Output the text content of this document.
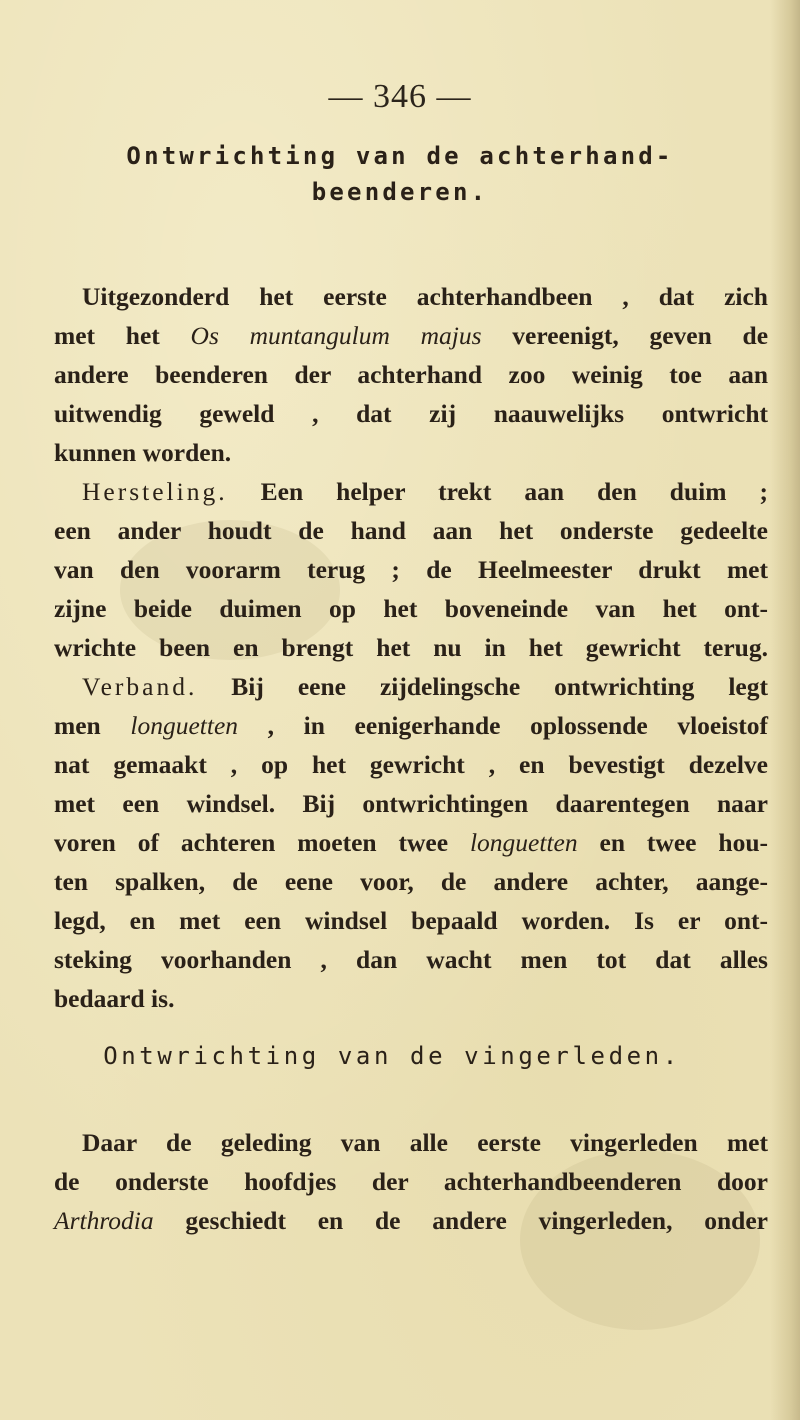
— 346 —
Ontwrichting van de achterhand-
beenderen.
Uitgezonderd het eerste achterhandbeen , dat zich
met het Os muntangulum majus vereenigt, geven de
andere beenderen der achterhand zoo weinig toe aan
uitwendig geweld , dat zij naauwelijks ontwricht
kunnen worden.
Hersteling. Een helper trekt aan den duim ;
een ander houdt de hand aan het onderste gedeelte
van den voorarm terug ; de Heelmeester drukt met
zijne beide duimen op het boveneinde van het ont-
wrichte been en brengt het nu in het gewricht terug.
Verband. Bij eene zijdelingsche ontwrichting legt
men longuetten , in eenigerhande oplossende vloeistof
nat gemaakt , op het gewricht , en bevestigt dezelve
met een windsel. Bij ontwrichtingen daarentegen naar
voren of achteren moeten twee longuetten en twee hou-
ten spalken, de eene voor, de andere achter, aange-
legd, en met een windsel bepaald worden. Is er ont-
steking voorhanden , dan wacht men tot dat alles
bedaard is.
Ontwrichting van de vingerleden.
Daar de geleding van alle eerste vingerleden met
de onderste hoofdjes der achterhandbeenderen door
Arthrodia geschiedt en de andere vingerleden, onder
